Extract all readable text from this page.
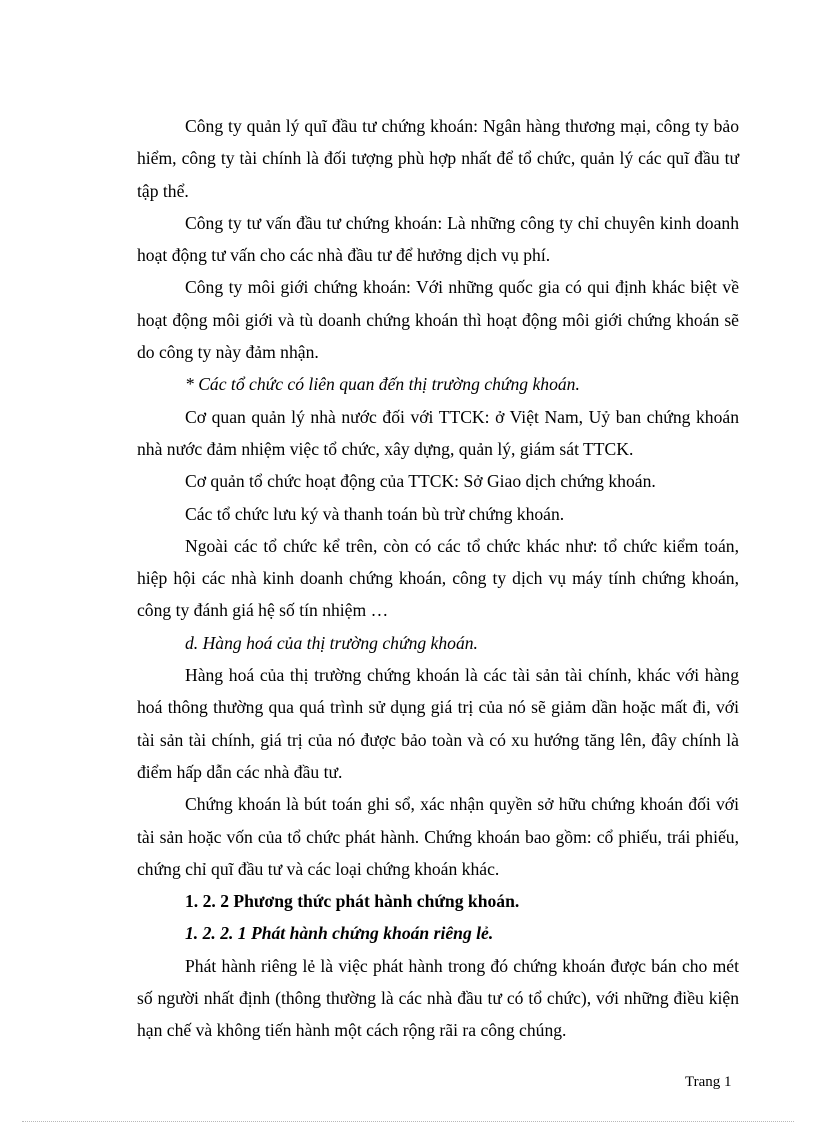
Công ty quản lý quĩ đầu tư chứng khoán: Ngân hàng thương mại, công ty bảo hiểm, công ty tài chính là đối tượng phù hợp nhất để tổ chức, quản lý các quĩ đầu tư tập thể.

Công ty tư vấn đầu tư chứng khoán: Là những công ty chỉ chuyên kinh doanh hoạt động tư vấn cho các nhà đầu tư để hưởng dịch vụ phí.

Công ty môi giới chứng khoán: Với những quốc gia có qui định khác biệt về hoạt động môi giới và tù doanh chứng khoán thì hoạt động môi giới chứng khoán sẽ do công ty này đảm nhận.

* Các tổ chức có liên quan đến thị trường chứng khoán.

Cơ quan quản lý nhà nước đối với TTCK: ở Việt Nam, Uỷ ban chứng khoán nhà nước đảm nhiệm việc tổ chức, xây dựng, quản lý, giám sát TTCK.

Cơ quản tổ chức hoạt động của TTCK: Sở Giao dịch chứng khoán.

Các tổ chức lưu ký và thanh toán bù trừ chứng khoán.

Ngoài các tổ chức kể trên, còn có các tổ chức khác như: tổ chức kiểm toán, hiệp hội các nhà kinh doanh chứng khoán, công ty dịch vụ máy tính chứng khoán, công ty đánh giá hệ số tín nhiệm …

d. Hàng hoá của thị trường chứng khoán.

Hàng hoá của thị trường chứng khoán là các tài sản tài chính, khác với hàng hoá thông thường qua quá trình sử dụng giá trị của nó sẽ giảm dần hoặc mất đi, với tài sản tài chính, giá trị của nó được bảo toàn và có xu hướng tăng lên, đây chính là điểm hấp dẫn các nhà đầu tư.

Chứng khoán là bút toán ghi sổ, xác nhận quyền sở hữu chứng khoán đối với tài sản hoặc vốn của tổ chức phát hành. Chứng khoán bao gồm: cổ phiếu, trái phiếu, chứng chỉ quĩ đầu tư và các loại chứng khoán khác.

1. 2. 2 Phương thức phát hành chứng khoán.

1. 2. 2. 1 Phát hành chứng khoán riêng lẻ.

Phát hành riêng lẻ là việc phát hành trong đó chứng khoán được bán cho mét số người nhất định (thông thường là các nhà đầu tư có tổ chức), với những điều kiện hạn chế và không tiến hành một cách rộng rãi ra công chúng.

Trang 1
